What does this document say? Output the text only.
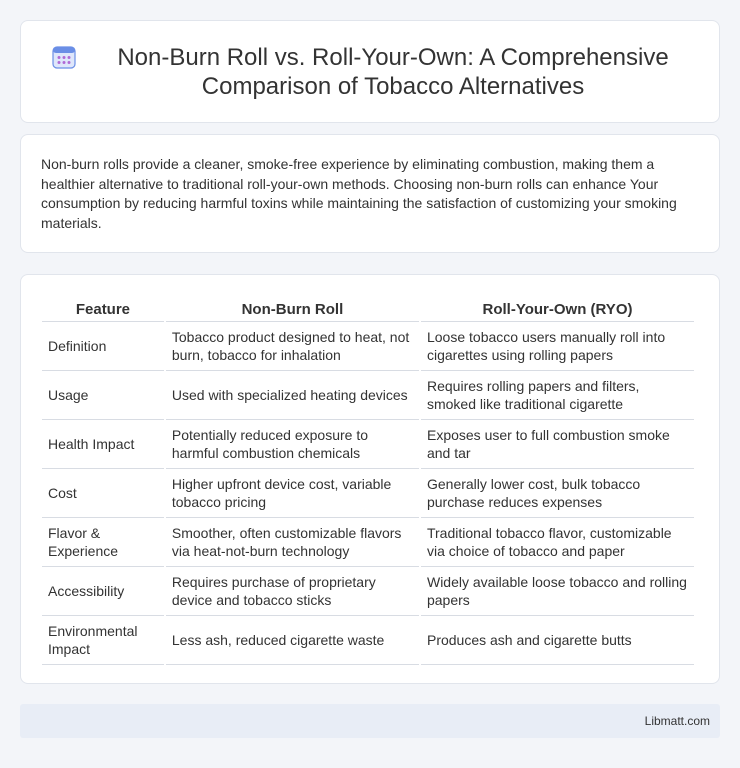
Non-Burn Roll vs. Roll-Your-Own: A Comprehensive Comparison of Tobacco Alternatives

Non-burn rolls provide a cleaner, smoke-free experience by eliminating combustion, making them a healthier alternative to traditional roll-your-own methods. Choosing non-burn rolls can enhance Your consumption by reducing harmful toxins while maintaining the satisfaction of customizing your smoking materials.

Feature	Non-Burn Roll	Roll-Your-Own (RYO)
Definition	Tobacco product designed to heat, not burn, tobacco for inhalation	Loose tobacco users manually roll into cigarettes using rolling papers
Usage	Used with specialized heating devices	Requires rolling papers and filters, smoked like traditional cigarette
Health Impact	Potentially reduced exposure to harmful combustion chemicals	Exposes user to full combustion smoke and tar
Cost	Higher upfront device cost, variable tobacco pricing	Generally lower cost, bulk tobacco purchase reduces expenses
Flavor & Experience	Smoother, often customizable flavors via heat-not-burn technology	Traditional tobacco flavor, customizable via choice of tobacco and paper
Accessibility	Requires purchase of proprietary device and tobacco sticks	Widely available loose tobacco and rolling papers
Environmental Impact	Less ash, reduced cigarette waste	Produces ash and cigarette butts
Libmatt.com
